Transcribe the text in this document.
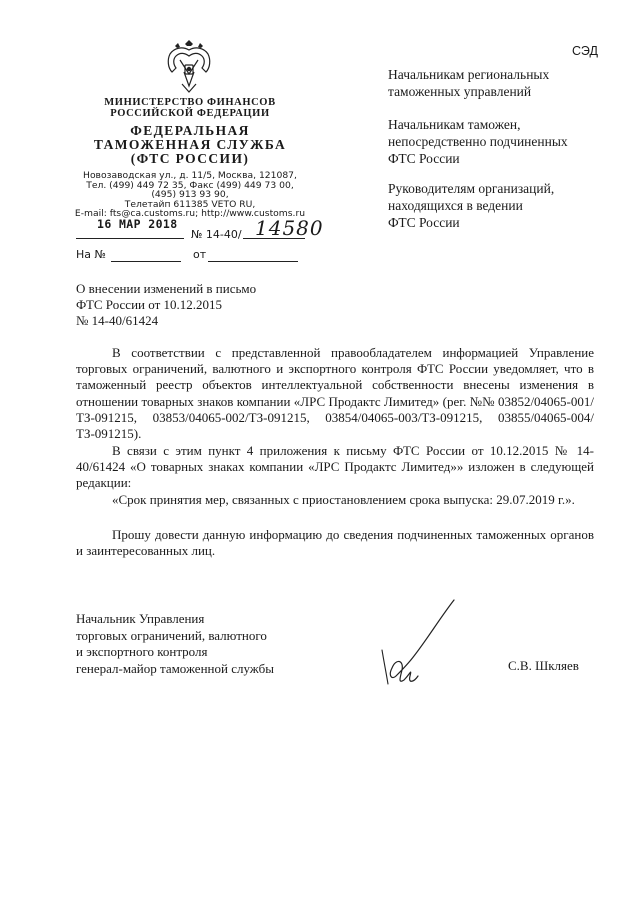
МИНИСТЕРСТВО ФИНАНСОВ
РОССИЙСКОЙ ФЕДЕРАЦИИ
ФЕДЕРАЛЬНАЯ
ТАМОЖЕННАЯ СЛУЖБА
(ФТС РОССИИ)
Новозаводская ул., д. 11/5, Москва, 121087,
Тел. (499) 449 72 35, Факс (499) 449 73 00,
(495) 913 93 90,
Телетайп 611385 VETO RU,
E-mail: fts@ca.customs.ru; http://www.customs.ru
16 МАР 2018
№ 14-40/ 14580
На №	от
СЭД
Начальникам региональных
таможенных управлений
Начальникам таможен,
непосредственно подчиненных
ФТС России
Руководителям организаций,
находящихся в ведении
ФТС России
О внесении изменений в письмо
ФТС России от 10.12.2015
№ 14-40/61424
В соответствии с представленной правообладателем информацией Управление торговых ограничений, валютного и экспортного контроля ФТС России уведомляет, что в таможенный реестр объектов интеллектуальной собственности внесены изменения в отношении товарных знаков компании «ЛРС Продактс Лимитед» (рег. №№ 03852/04065-001/ТЗ-091215, 03853/04065-002/ТЗ-091215, 03854/04065-003/ТЗ-091215, 03855/04065-004/ТЗ-091215).
В связи с этим пункт 4 приложения к письму ФТС России от 10.12.2015 № 14-40/61424 «О товарных знаках компании «ЛРС Продактс Лимитед»» изложен в следующей редакции:
«Срок принятия мер, связанных с приостановлением срока выпуска: 29.07.2019 г.».
Прошу довести данную информацию до сведения подчиненных таможенных органов и заинтересованных лиц.
Начальник Управления
торговых ограничений, валютного
и экспортного контроля
генерал-майор таможенной службы	С.В. Шкляев
